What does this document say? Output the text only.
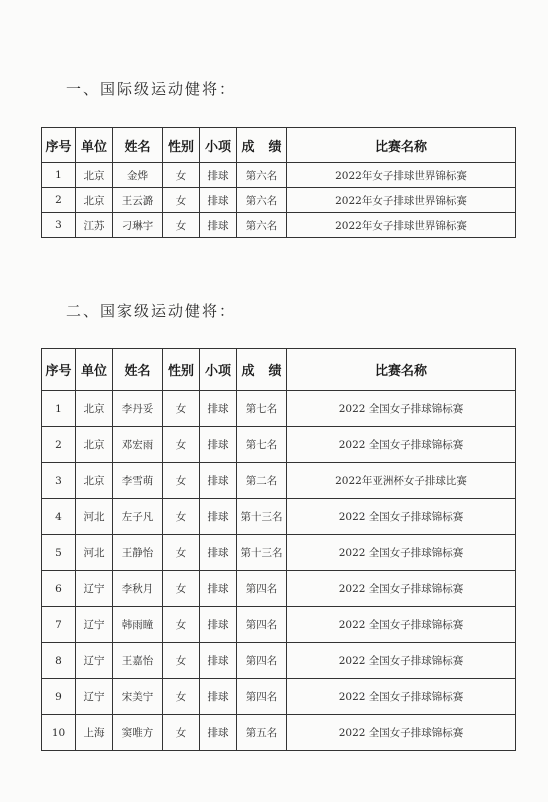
一、国际级运动健将：
序号	单位	姓名	性别	小项	成 绩	比赛名称
1	北京	金烨	女	排球	第六名	2022年女子排球世界锦标赛
2	北京	王云潞	女	排球	第六名	2022年女子排球世界锦标赛
3	江苏	刁琳宇	女	排球	第六名	2022年女子排球世界锦标赛
二、国家级运动健将：
序号	单位	姓名	性别	小项	成 绩	比赛名称
1	北京	李丹妥	女	排球	第七名	2022 全国女子排球锦标赛
2	北京	邓宏雨	女	排球	第七名	2022 全国女子排球锦标赛
3	北京	李雪萌	女	排球	第二名	2022年亚洲杯女子排球比赛
4	河北	左子凡	女	排球	第十三名	2022 全国女子排球锦标赛
5	河北	王静怡	女	排球	第十三名	2022 全国女子排球锦标赛
6	辽宁	李秋月	女	排球	第四名	2022 全国女子排球锦标赛
7	辽宁	韩雨瞳	女	排球	第四名	2022 全国女子排球锦标赛
8	辽宁	王嘉怡	女	排球	第四名	2022 全国女子排球锦标赛
9	辽宁	宋美宁	女	排球	第四名	2022 全国女子排球锦标赛
10	上海	窦唯方	女	排球	第五名	2022 全国女子排球锦标赛
